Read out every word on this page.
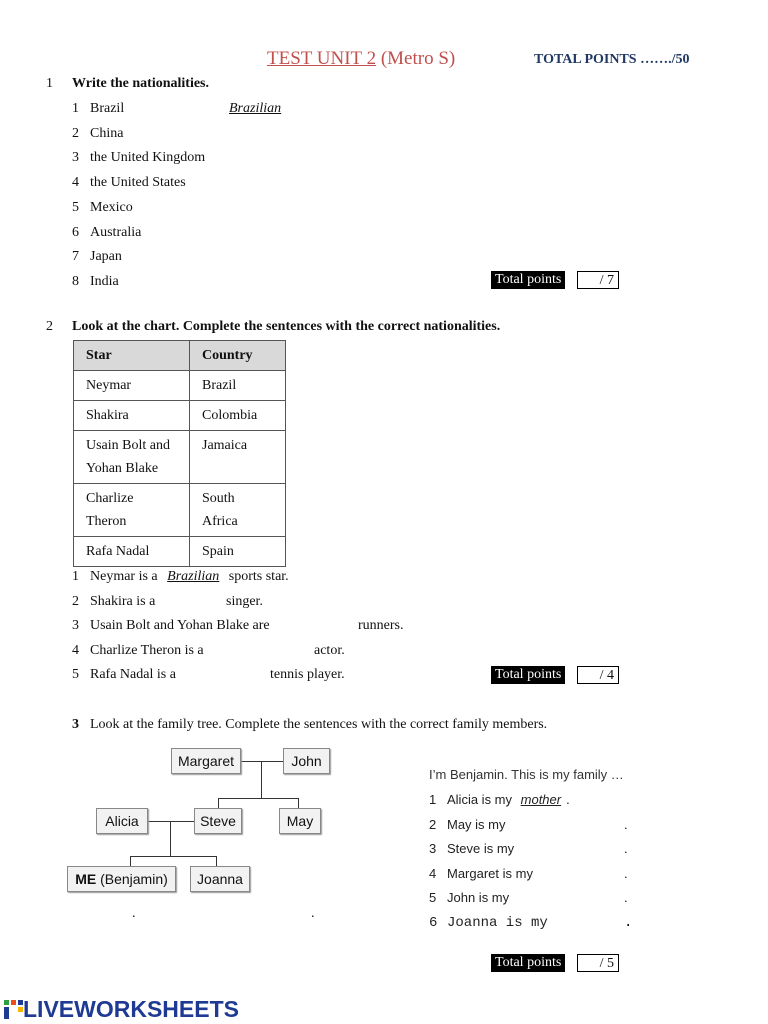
TEST UNIT 2 (Metro S)	TOTAL POINTS ……./50
1 Write the nationalities.
1 Brazil	Brazilian
2 China
3 the United Kingdom
4 the United States
5 Mexico
6 Australia
7 Japan
8 India	Total points	/ 7
2 Look at the chart. Complete the sentences with the correct nationalities.
Star	Country
Neymar	Brazil
Shakira	Colombia
Usain Bolt and Yohan Blake	Jamaica
Charlize Theron	South Africa
Rafa Nadal	Spain
1 Neymar is a Brazilian sports star.
2 Shakira is a	singer.
3 Usain Bolt and Yohan Blake are	runners.
4 Charlize Theron is a	actor.
5 Rafa Nadal is a	tennis player.	Total points	/ 4
3 Look at the family tree. Complete the sentences with the correct family members.
Margaret	John
Alicia	Steve	May
ME (Benjamin)	Joanna
.	.
I’m Benjamin. This is my family …
1 Alicia is my mother .
2 May is my	.
3 Steve is my	.
4 Margaret is my	.
5 John is my	.
6 Joanna is my	.
Total points	/ 5
LIVEWORKSHEETS
